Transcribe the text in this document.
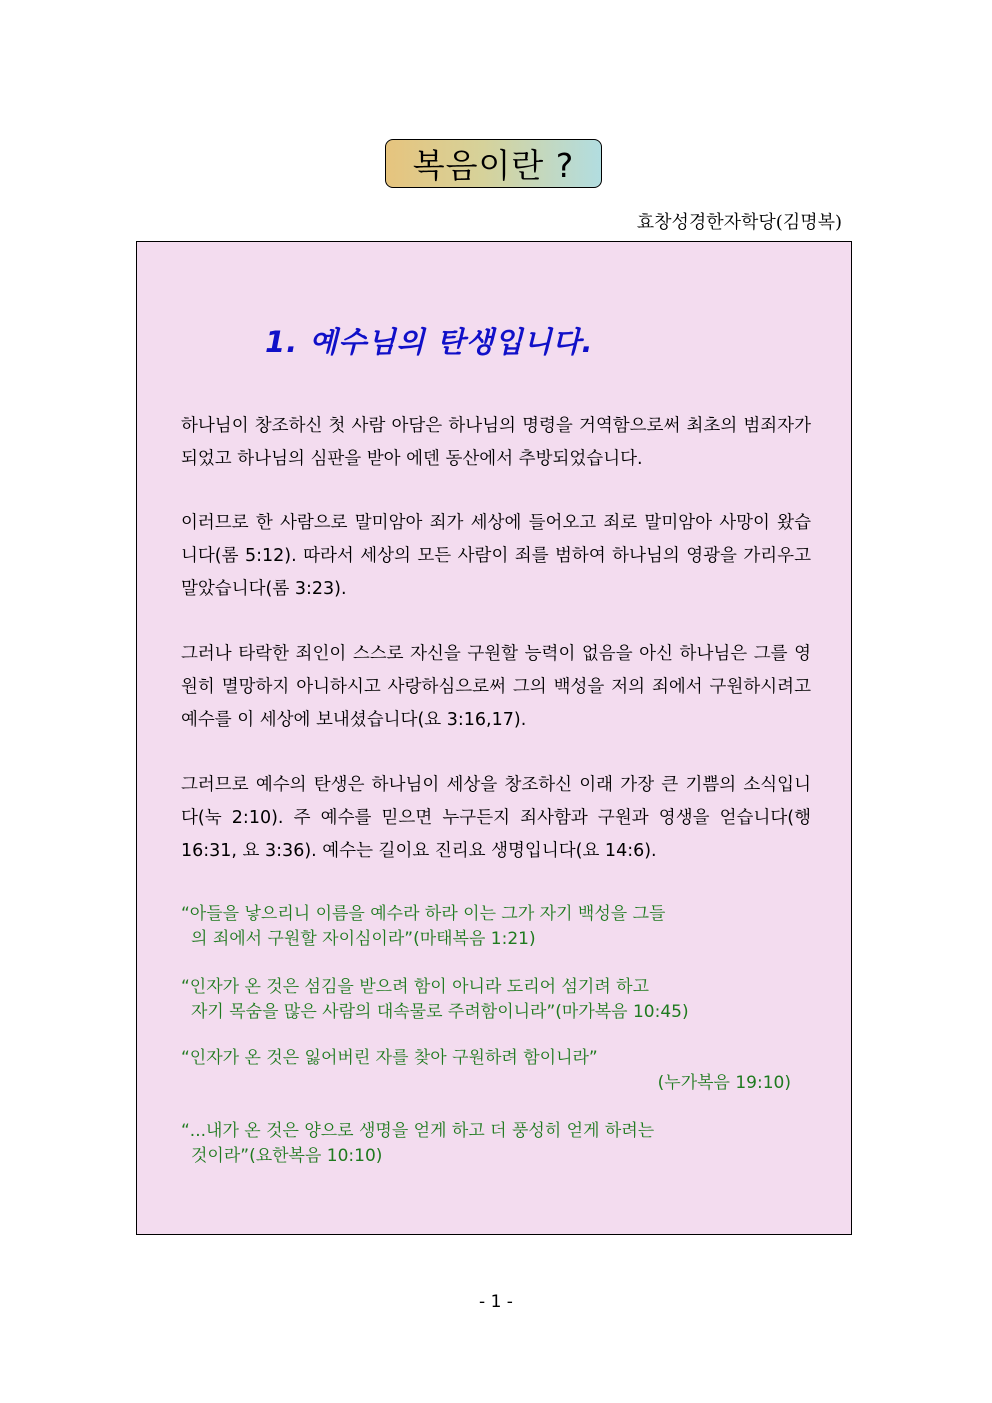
복음이란 ?
효창성경한자학당(김명복)
1. 예수님의 탄생입니다.

하나님이 창조하신 첫 사람 아담은 하나님의 명령을 거역함으로써 최초의 범죄자가 되었고 하나님의 심판을 받아 에덴 동산에서 추방되었습니다.

이러므로 한 사람으로 말미암아 죄가 세상에 들어오고 죄로 말미암아 사망이 왔습니다(롬 5:12). 따라서 세상의 모든 사람이 죄를 범하여 하나님의 영광을 가리우고 말았습니다(롬 3:23).

그러나 타락한 죄인이 스스로 자신을 구원할 능력이 없음을 아신 하나님은 그를 영원히 멸망하지 아니하시고 사랑하심으로써 그의 백성을 저의 죄에서 구원하시려고 예수를 이 세상에 보내셨습니다(요 3:16,17).

그러므로 예수의 탄생은 하나님이 세상을 창조하신 이래 가장 큰 기쁨의 소식입니다(눅 2:10). 주 예수를 믿으면 누구든지 죄사함과 구원과 영생을 얻습니다(행 16:31, 요 3:36). 예수는 길이요 진리요 생명입니다(요 14:6).

“아들을 낳으리니 이름을 예수라 하라 이는 그가 자기 백성을 그들
의 죄에서 구원할 자이심이라”(마태복음 1:21)
“인자가 온 것은 섬김을 받으려 함이 아니라 도리어 섬기려 하고
자기 목숨을 많은 사람의 대속물로 주려함이니라”(마가복음 10:45)
“인자가 온 것은 잃어버린 자를 찾아 구원하려 함이니라”
(누가복음 19:10)
“...내가 온 것은 양으로 생명을 얻게 하고 더 풍성히 얻게 하려는
것이라”(요한복음 10:10)
- 1 -
